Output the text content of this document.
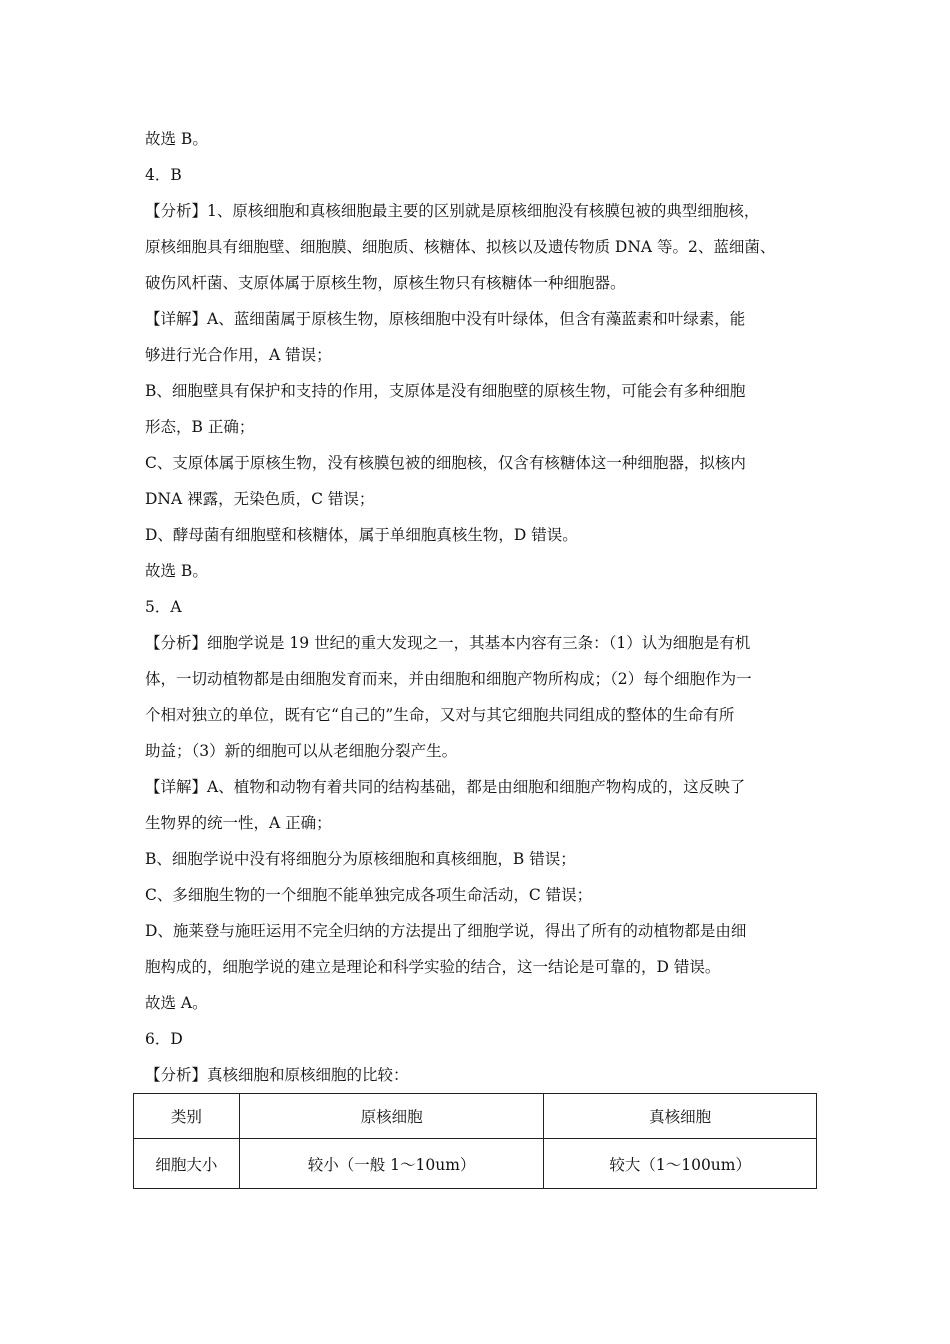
故选 B。
4．B
【分析】1、原核细胞和真核细胞最主要的区别就是原核细胞没有核膜包被的典型细胞核，
原核细胞具有细胞壁、细胞膜、细胞质、核糖体、拟核以及遗传物质 DNA 等。2、蓝细菌、
破伤风杆菌、支原体属于原核生物，原核生物只有核糖体一种细胞器。
【详解】A、蓝细菌属于原核生物，原核细胞中没有叶绿体，但含有藻蓝素和叶绿素，能
够进行光合作用，A 错误；
B、细胞壁具有保护和支持的作用，支原体是没有细胞壁的原核生物，可能会有多种细胞
形态，B 正确；
C、支原体属于原核生物，没有核膜包被的细胞核，仅含有核糖体这一种细胞器，拟核内
DNA 裸露，无染色质，C 错误；
D、酵母菌有细胞壁和核糖体，属于单细胞真核生物，D 错误。
故选 B。
5．A
【分析】细胞学说是 19 世纪的重大发现之一，其基本内容有三条：（1）认为细胞是有机
体，一切动植物都是由细胞发育而来，并由细胞和细胞产物所构成；（2）每个细胞作为一
个相对独立的单位，既有它“自己的”生命，又对与其它细胞共同组成的整体的生命有所
助益；（3）新的细胞可以从老细胞分裂产生。
【详解】A、植物和动物有着共同的结构基础，都是由细胞和细胞产物构成的，这反映了
生物界的统一性，A 正确；
B、细胞学说中没有将细胞分为原核细胞和真核细胞，B 错误；
C、多细胞生物的一个细胞不能单独完成各项生命活动，C 错误；
D、施莱登与施旺运用不完全归纳的方法提出了细胞学说，得出了所有的动植物都是由细
胞构成的，细胞学说的建立是理论和科学实验的结合，这一结论是可靠的，D 错误。
故选 A。
6．D
【分析】真核细胞和原核细胞的比较：
类别	原核细胞	真核细胞
细胞大小	较小（一般 1～10um）	较大（1～100um）
